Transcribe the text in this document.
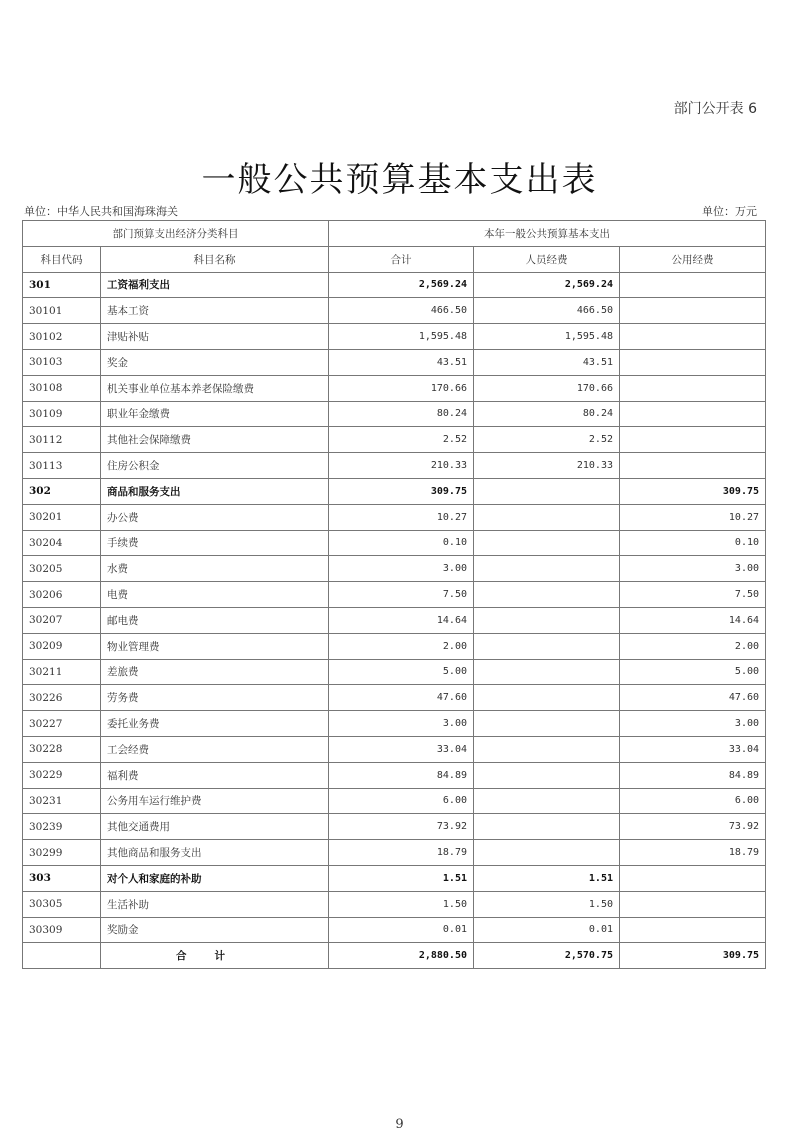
部门公开表 6
一般公共预算基本支出表
单位：中华人民共和国海珠海关	单位：万元
部门预算支出经济分类科目		本年一般公共预算基本支出		
科目代码	科目名称	合计	人员经费	公用经费
301	工资福利支出	2,569.24	2,569.24	
30101	基本工资	466.50	466.50	
30102	津贴补贴	1,595.48	1,595.48	
30103	奖金	43.51	43.51	
30108	机关事业单位基本养老保险缴费	170.66	170.66	
30109	职业年金缴费	80.24	80.24	
30112	其他社会保障缴费	2.52	2.52	
30113	住房公积金	210.33	210.33	
302	商品和服务支出	309.75		309.75
30201	办公费	10.27		10.27
30204	手续费	0.10		0.10
30205	水费	3.00		3.00
30206	电费	7.50		7.50
30207	邮电费	14.64		14.64
30209	物业管理费	2.00		2.00
30211	差旅费	5.00		5.00
30226	劳务费	47.60		47.60
30227	委托业务费	3.00		3.00
30228	工会经费	33.04		33.04
30229	福利费	84.89		84.89
30231	公务用车运行维护费	6.00		6.00
30239	其他交通费用	73.92		73.92
30299	其他商品和服务支出	18.79		18.79
303	对个人和家庭的补助	1.51	1.51	
30305	生活补助	1.50	1.50	
30309	奖励金	0.01	0.01	
	合计	2,880.50	2,570.75	309.75
9
